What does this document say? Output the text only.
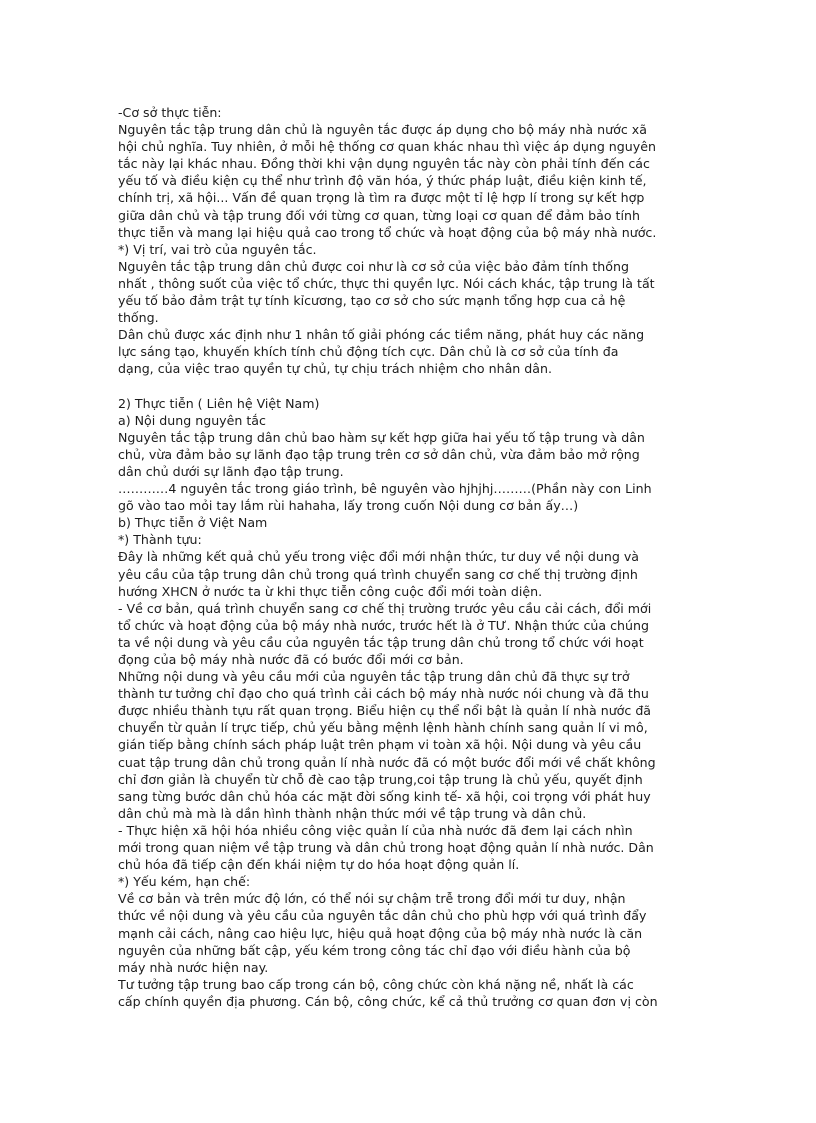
-Cơ sở thực tiễn:
Nguyên tắc tập trung dân chủ là nguyên tắc được áp dụng cho bộ máy nhà nước xã
hội chủ nghĩa. Tuy nhiên, ở mỗi hệ thống cơ quan khác nhau thì việc áp dụng nguyên
tắc này lại khác nhau. Đồng thời khi vận dụng nguyên tắc này còn phải tính đến các
yếu tố và điều kiện cụ thể như trình độ văn hóa, ý thức pháp luật, điều kiện kinh tế,
chính trị, xã hội... Vấn đề quan trọng là tìm ra được một tỉ lệ hợp lí trong sự kết hợp
giữa dân chủ và tập trung đối với từng cơ quan, từng loại cơ quan để đảm bảo tính
thực tiễn và mang lại hiệu quả cao trong tổ chức và hoạt động của bộ máy nhà nước.
*) Vị trí, vai trò của nguyên tắc.
Nguyên tắc tập trung dân chủ được coi như là cơ sở của việc bảo đảm tính thống
nhất , thông suốt của việc tổ chức, thực thi quyền lực. Nói cách khác, tập trung là tất
yếu tố bảo đảm trật tự tính kỉcương, tạo cơ sở cho sức mạnh tổng hợp cua cả hệ
thống.
Dân chủ được xác định như 1 nhân tố giải phóng các tiềm năng, phát huy các năng
lực sáng tạo, khuyến khích tính chủ động tích cực. Dân chủ là cơ sở của tính đa
dạng, của việc trao quyền tự chủ, tự chịu trách nhiệm cho nhân dân.
2) Thực tiễn ( Liên hệ Việt Nam)
a) Nội dung nguyên tắc
Nguyên tắc tập trung dân chủ bao hàm sự kết hợp giữa hai yếu tố tập trung và dân
chủ, vừa đảm bảo sự lãnh đạo tập trung trên cơ sở dân chủ, vừa đảm bảo mở rộng
dân chủ dưới sự lãnh đạo tập trung.
…………4 nguyên tắc trong giáo trình, bê nguyên vào hjhjhj………(Phần này con Linh
gõ vào tao mỏi tay lắm rùi hahaha, lấy trong cuốn Nội dung cơ bản ấy…)
b) Thực tiễn ở Việt Nam
*) Thành tựu:
Đây là những kết quả chủ yếu trong việc đổi mới nhận thức, tư duy về nội dung và
yêu cầu của tập trung dân chủ trong quá trình chuyển sang cơ chế thị trường định
hướng XHCN ở nước ta ừ khi thực tiễn công cuộc đổi mới toàn diện.
- Về cơ bản, quá trình chuyển sang cơ chế thị trường trước yêu cầu cải cách, đổi mới
tổ chức và hoạt động của bộ máy nhà nước, trước hết là ở TƯ. Nhận thức của chúng
ta về nội dung và yêu cầu của nguyên tắc tập trung dân chủ trong tổ chức với hoạt
đọng của bộ máy nhà nước đã có bước đổi mới cơ bản.
Những nội dung và yêu cầu mới của nguyên tắc tập trung dân chủ đã thực sự trở
thành tư tưởng chỉ đạo cho quá trình cải cách bộ máy nhà nước nói chung và đã thu
được nhiều thành tựu rất quan trọng. Biểu hiện cụ thể nổi bật là quản lí nhà nước đã
chuyển từ quản lí trực tiếp, chủ yếu bằng mệnh lệnh hành chính sang quản lí vi mô,
gián tiếp bằng chính sách pháp luật trên phạm vi toàn xã hội. Nội dung và yêu cầu
cuat tập trung dân chủ trong quản lí nhà nước đã có một bước đổi mới về chất không
chỉ đơn giản là chuyển từ chỗ đè cao tập trung,coi tập trung là chủ yếu, quyết định
sang từng bước dân chủ hóa các mặt đời sống kinh tế- xã hội, coi trọng với phát huy
dân chủ mà mà là dần hình thành nhận thức mới về tập trung và dân chủ.
- Thực hiện xã hội hóa nhiều công việc quản lí của nhà nước đã đem lại cách nhìn
mới trong quan niệm về tập trung và dân chủ trong hoạt động quản lí nhà nước. Dân
chủ hóa đã tiếp cận đến khái niệm tự do hóa hoạt động quản lí.
*) Yếu kém, hạn chế:
Về cơ bản và trên mức độ lớn, có thể nói sự chậm trễ trong đổi mới tư duy, nhận
thức về nội dung và yêu cầu của nguyên tắc dân chủ cho phù hợp với quá trình đẩy
mạnh cải cách, nâng cao hiệu lực, hiệu quả hoạt động của bộ máy nhà nước là căn
nguyên của những bất cập, yếu kém trong công tác chỉ đạo với điều hành của bộ
máy nhà nước hiện nay.
Tư tưởng tập trung bao cấp trong cán bộ, công chức còn khá nặng nề, nhất là các
cấp chính quyền địa phương. Cán bộ, công chức, kể cả thủ trưởng cơ quan đơn vị còn
